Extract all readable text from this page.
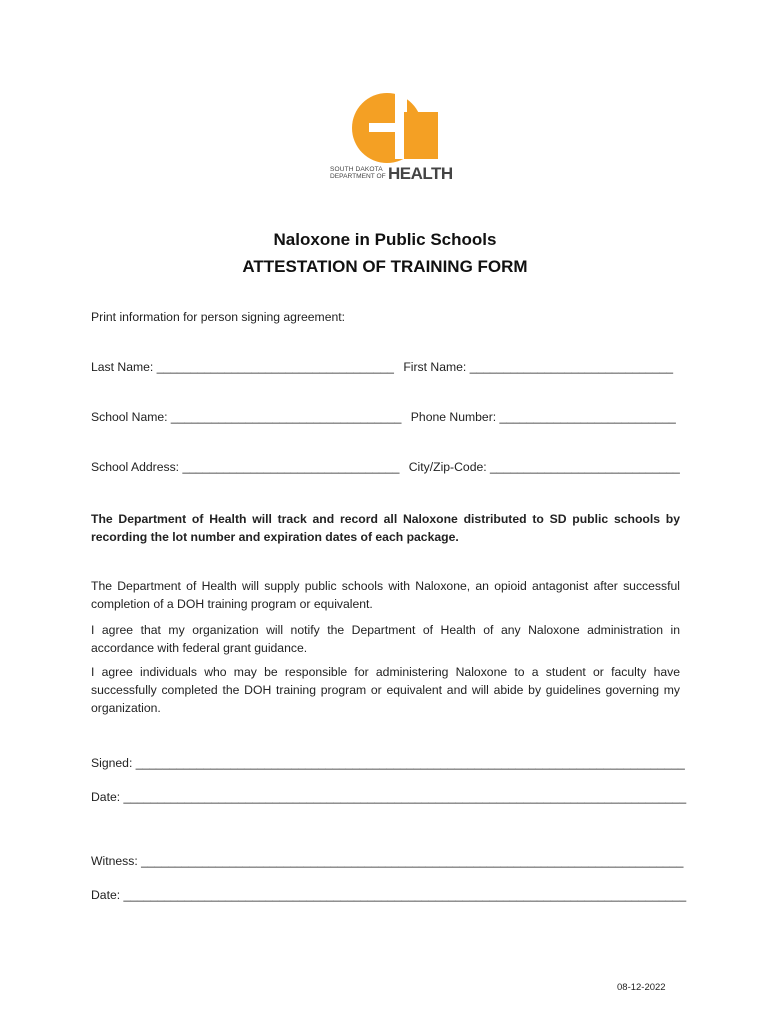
SOUTH DAKOTA
DEPARTMENT OF HEALTH
Naloxone in Public Schools
ATTESTATION OF TRAINING FORM
Print information for person signing agreement:
Last Name: ___________________________________ First Name: ______________________________
School Name: __________________________________ Phone Number: __________________________
School Address: ________________________________ City/Zip-Code: ____________________________
The Department of Health will track and record all Naloxone distributed to SD public schools by recording the lot number and expiration dates of each package.
The Department of Health will supply public schools with Naloxone, an opioid antagonist after successful completion of a DOH training program or equivalent.
I agree that my organization will notify the Department of Health of any Naloxone administration in accordance with federal grant guidance.
I agree individuals who may be responsible for administering Naloxone to a student or faculty have successfully completed the DOH training program or equivalent and will abide by guidelines governing my organization.
Signed: _________________________________________________________________________________
Date: ___________________________________________________________________________________
Witness: ________________________________________________________________________________
Date: ___________________________________________________________________________________
08-12-2022
